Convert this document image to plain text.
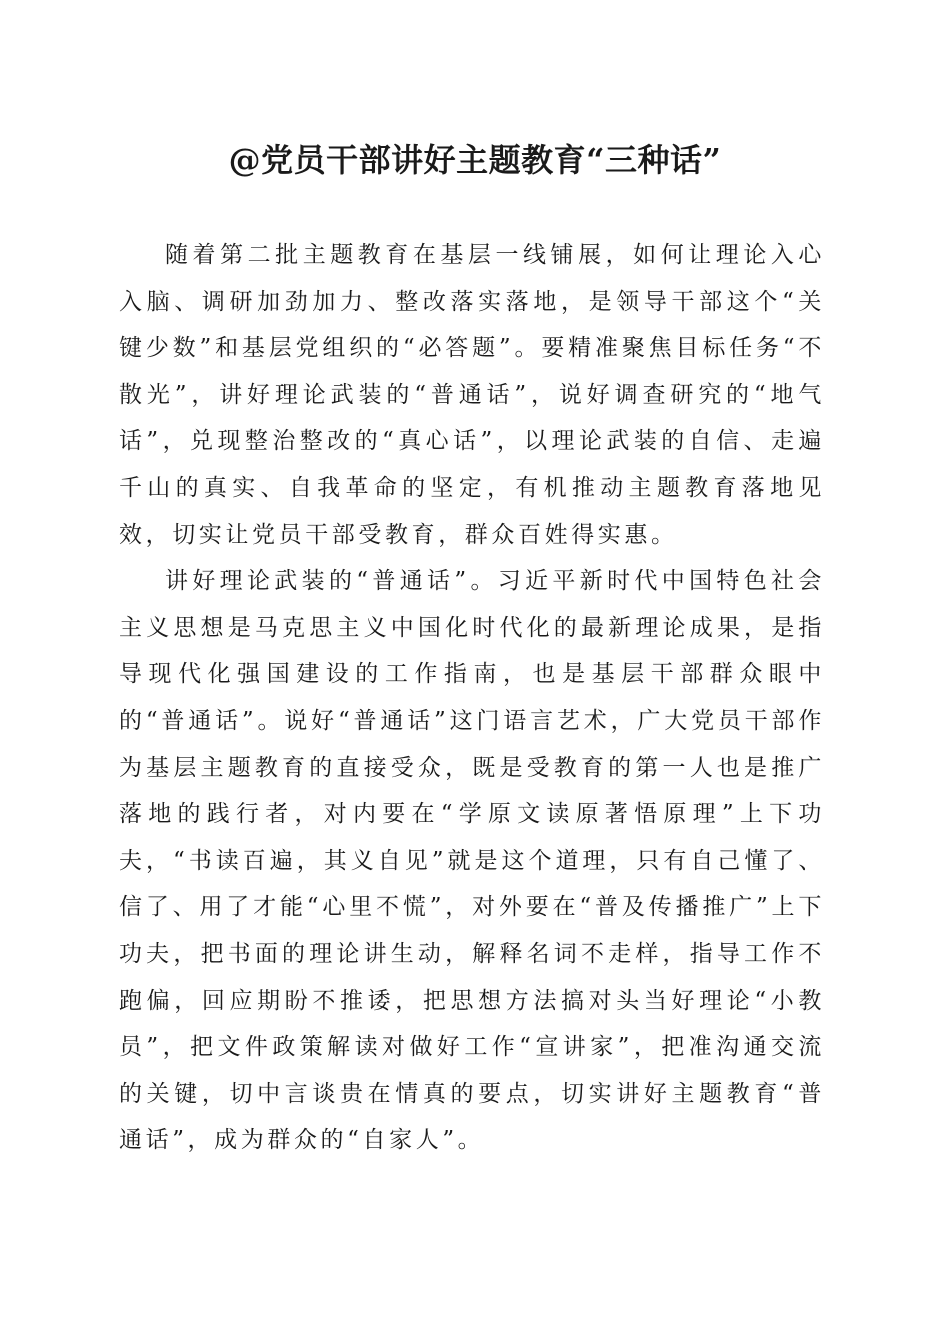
@党员干部讲好主题教育“三种话”

随着第二批主题教育在基层一线铺展，如何让理论入心入脑、调研加劲加力、整改落实落地，是领导干部这个“关键少数”和基层党组织的“必答题”。要精准聚焦目标任务“不散光”，讲好理论武装的“普通话”，说好调查研究的“地气话”，兑现整治整改的“真心话”，以理论武装的自信、走遍千山的真实、自我革命的坚定，有机推动主题教育落地见效，切实让党员干部受教育，群众百姓得实惠。

讲好理论武装的“普通话”。习近平新时代中国特色社会主义思想是马克思主义中国化时代化的最新理论成果，是指导现代化强国建设的工作指南，也是基层干部群众眼中的“普通话”。说好“普通话”这门语言艺术，广大党员干部作为基层主题教育的直接受众，既是受教育的第一人也是推广落地的践行者，对内要在“学原文读原著悟原理”上下功夫，“书读百遍，其义自见”就是这个道理，只有自己懂了、信了、用了才能“心里不慌”，对外要在“普及传播推广”上下功夫，把书面的理论讲生动，解释名词不走样，指导工作不跑偏，回应期盼不推诿，把思想方法搞对头当好理论“小教员”，把文件政策解读对做好工作“宣讲家”，把准沟通交流的关键，切中言谈贵在情真的要点，切实讲好主题教育“普通话”，成为群众的“自家人”。
